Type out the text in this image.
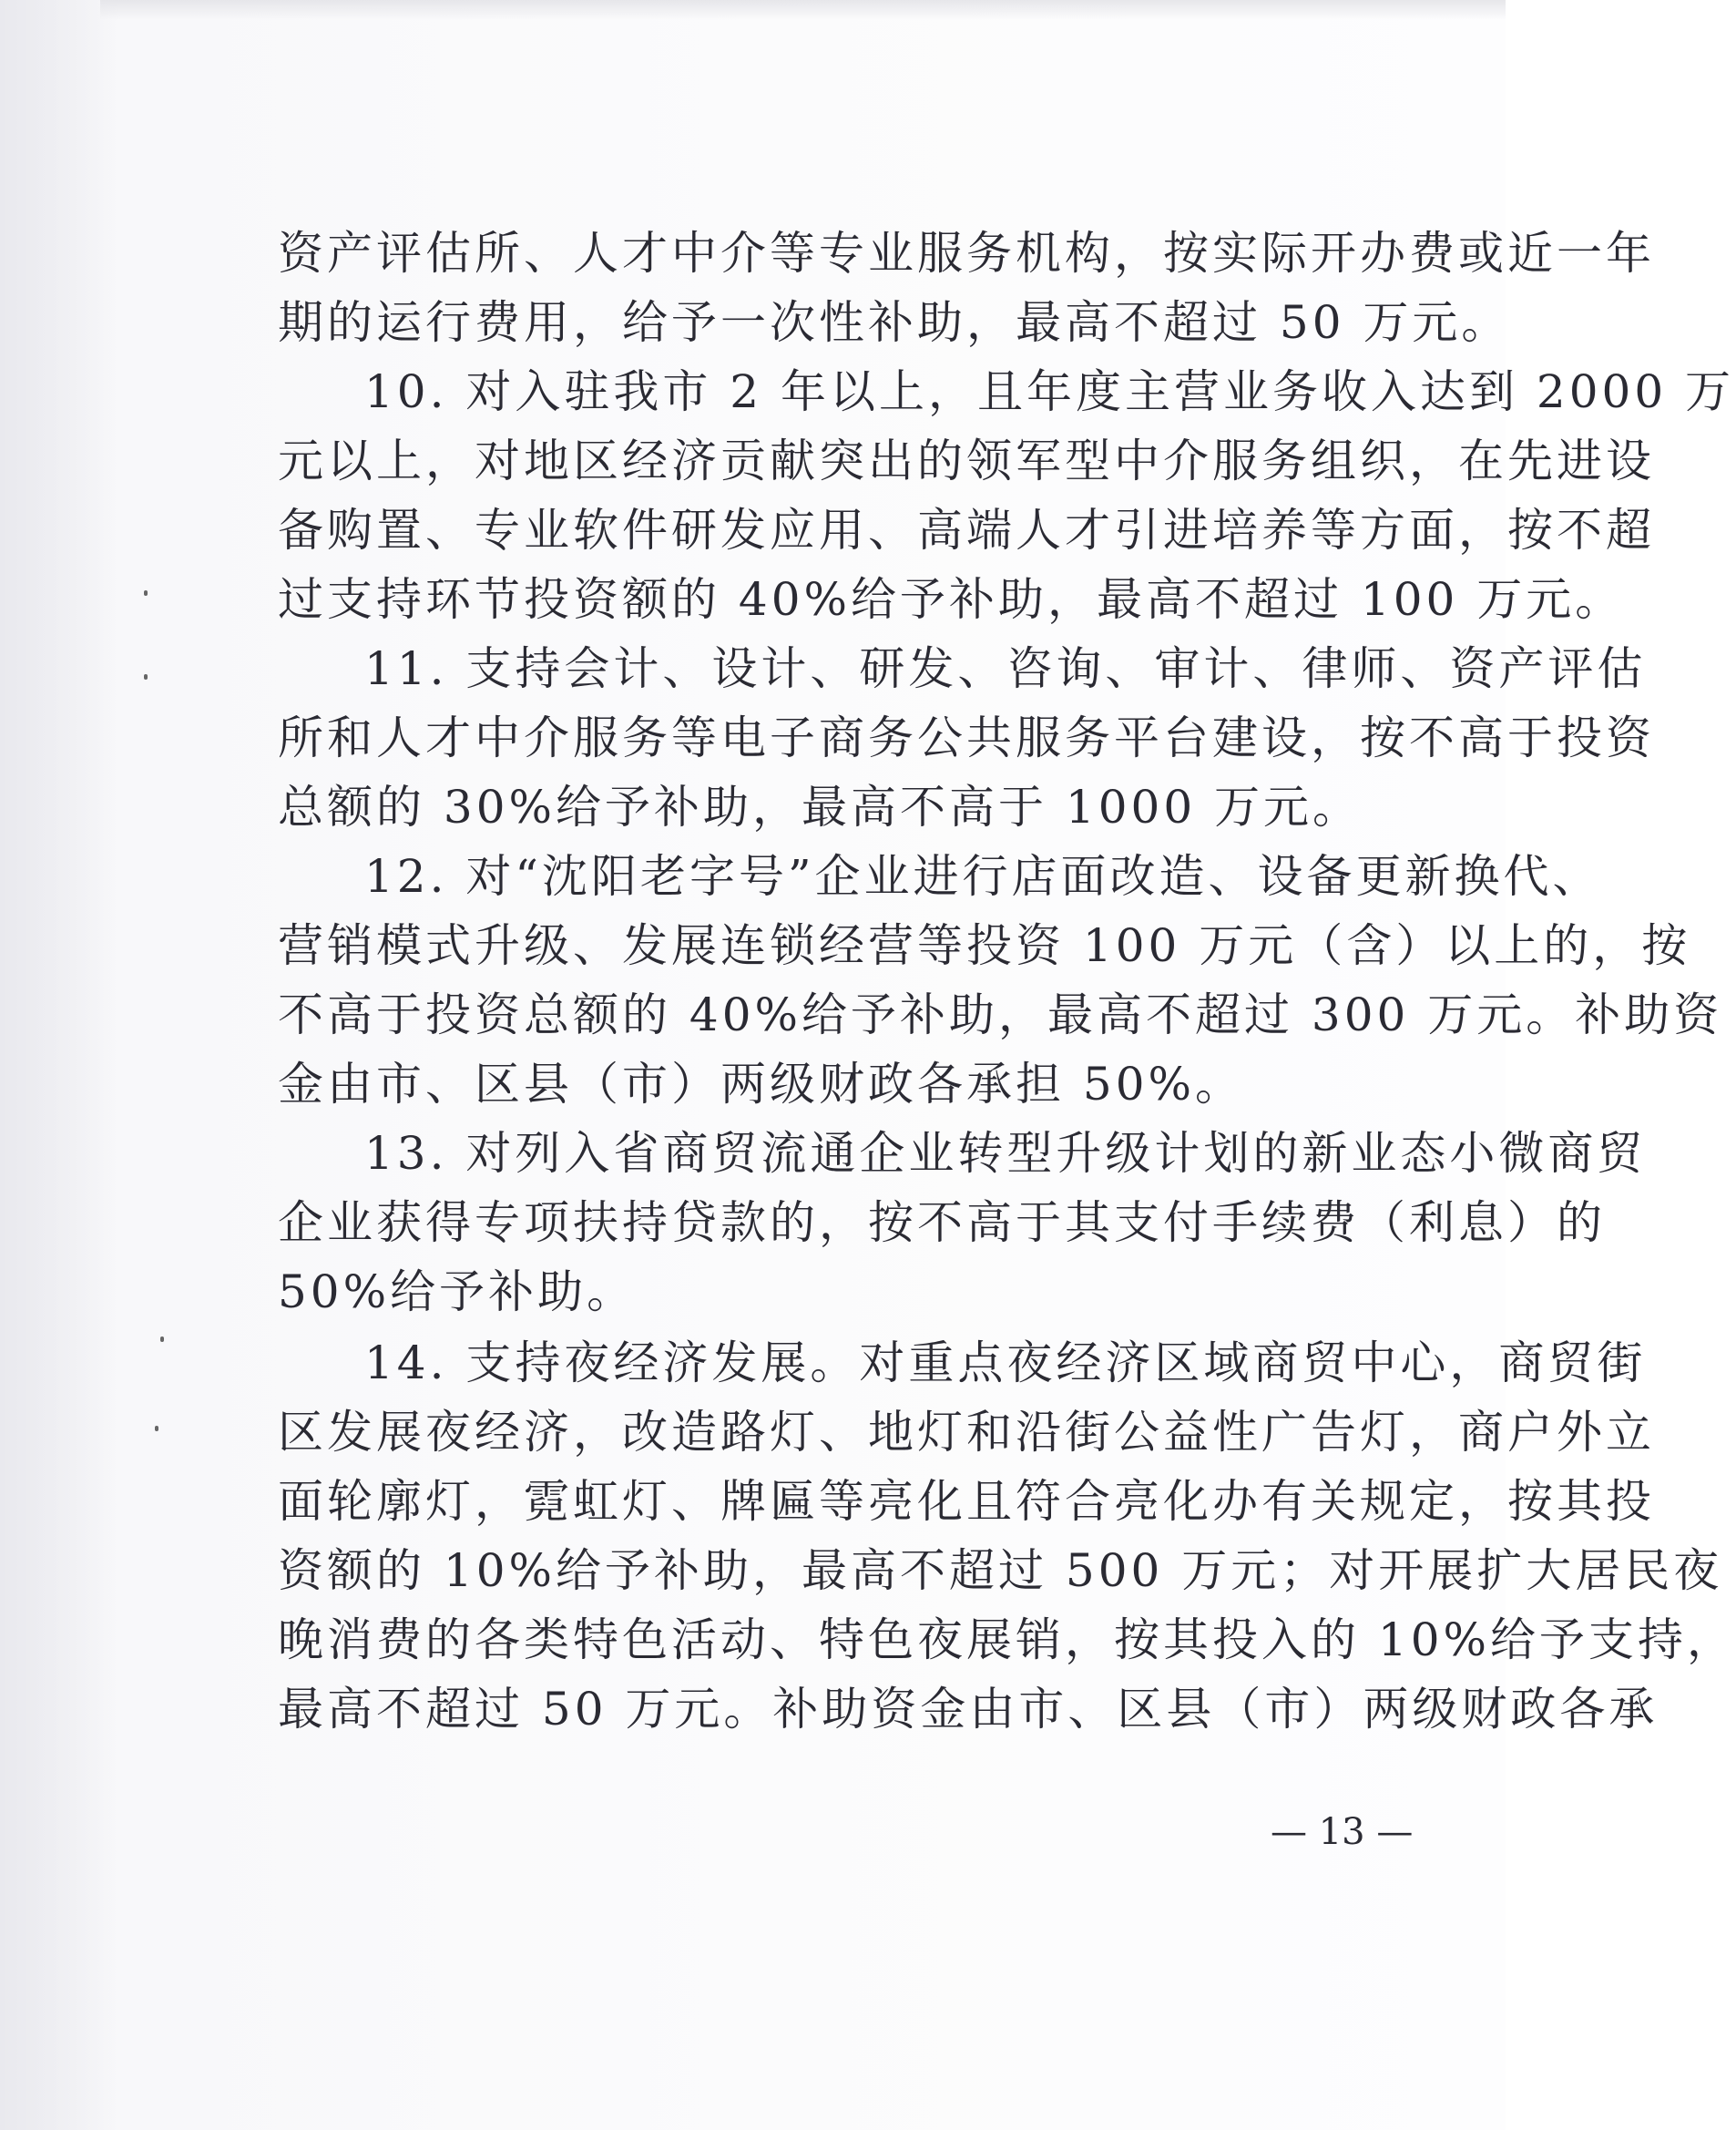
资产评估所、人才中介等专业服务机构，按实际开办费或近一年
期的运行费用，给予一次性补助，最高不超过 50 万元。
10. 对入驻我市 2 年以上，且年度主营业务收入达到 2000 万
元以上，对地区经济贡献突出的领军型中介服务组织，在先进设
备购置、专业软件研发应用、高端人才引进培养等方面，按不超
过支持环节投资额的 40%给予补助，最高不超过 100 万元。
11. 支持会计、设计、研发、咨询、审计、律师、资产评估
所和人才中介服务等电子商务公共服务平台建设，按不高于投资
总额的 30%给予补助，最高不高于 1000 万元。
12. 对“沈阳老字号”企业进行店面改造、设备更新换代、
营销模式升级、发展连锁经营等投资 100 万元（含）以上的，按
不高于投资总额的 40%给予补助，最高不超过 300 万元。补助资
金由市、区县（市）两级财政各承担 50%。
13. 对列入省商贸流通企业转型升级计划的新业态小微商贸
企业获得专项扶持贷款的，按不高于其支付手续费（利息）的
50%给予补助。
14. 支持夜经济发展。对重点夜经济区域商贸中心，商贸街
区发展夜经济，改造路灯、地灯和沿街公益性广告灯，商户外立
面轮廓灯，霓虹灯、牌匾等亮化且符合亮化办有关规定，按其投
资额的 10%给予补助，最高不超过 500 万元；对开展扩大居民夜
晚消费的各类特色活动、特色夜展销，按其投入的 10%给予支持，
最高不超过 50 万元。补助资金由市、区县（市）两级财政各承
— 13 —
